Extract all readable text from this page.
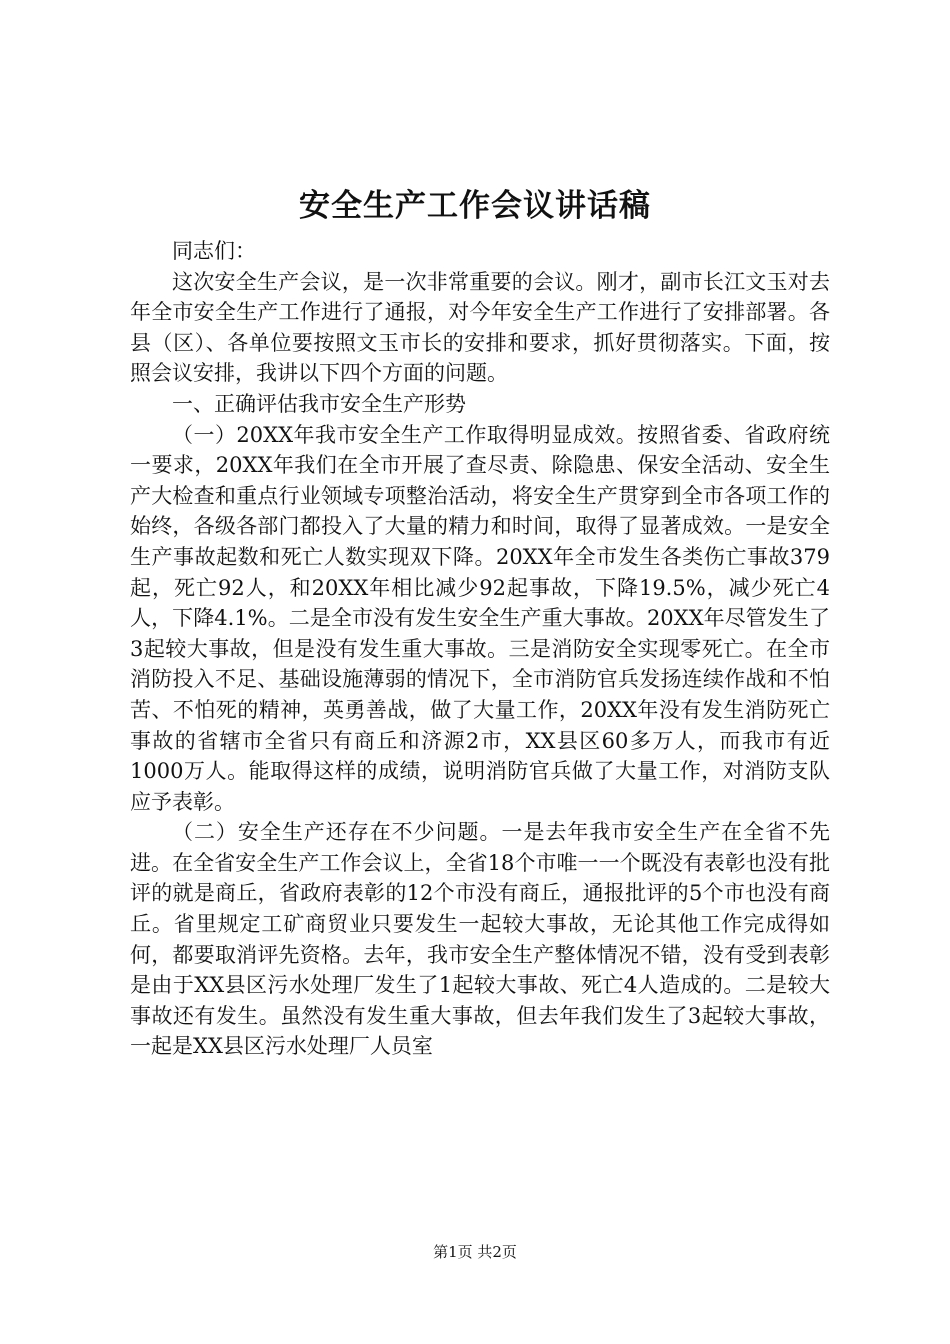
安全生产工作会议讲话稿

同志们：

这次安全生产会议，是一次非常重要的会议。刚才，副市长江文玉对去年全市安全生产工作进行了通报，对今年安全生产工作进行了安排部署。各县（区）、各单位要按照文玉市长的安排和要求，抓好贯彻落实。下面，按照会议安排，我讲以下四个方面的问题。

一、正确评估我市安全生产形势

（一）20XX年我市安全生产工作取得明显成效。按照省委、省政府统一要求，20XX年我们在全市开展了查尽责、除隐患、保安全活动、安全生产大检查和重点行业领域专项整治活动，将安全生产贯穿到全市各项工作的始终，各级各部门都投入了大量的精力和时间，取得了显著成效。一是安全生产事故起数和死亡人数实现双下降。20XX年全市发生各类伤亡事故379起，死亡92人，和20XX年相比减少92起事故，下降19.5%，减少死亡4人，下降4.1%。二是全市没有发生安全生产重大事故。20XX年尽管发生了3起较大事故，但是没有发生重大事故。三是消防安全实现零死亡。在全市消防投入不足、基础设施薄弱的情况下，全市消防官兵发扬连续作战和不怕苦、不怕死的精神，英勇善战，做了大量工作，20XX年没有发生消防死亡事故的省辖市全省只有商丘和济源2市，XX县区60多万人，而我市有近1000万人。能取得这样的成绩，说明消防官兵做了大量工作，对消防支队应予表彰。

（二）安全生产还存在不少问题。一是去年我市安全生产在全省不先进。在全省安全生产工作会议上，全省18个市唯一一个既没有表彰也没有批评的就是商丘，省政府表彰的12个市没有商丘，通报批评的5个市也没有商丘。省里规定工矿商贸业只要发生一起较大事故，无论其他工作完成得如何，都要取消评先资格。去年，我市安全生产整体情况不错，没有受到表彰是由于XX县区污水处理厂发生了1起较大事故、死亡4人造成的。二是较大事故还有发生。虽然没有发生重大事故，但去年我们发生了3起较大事故，一起是XX县区污水处理厂人员室

第1页 共2页
